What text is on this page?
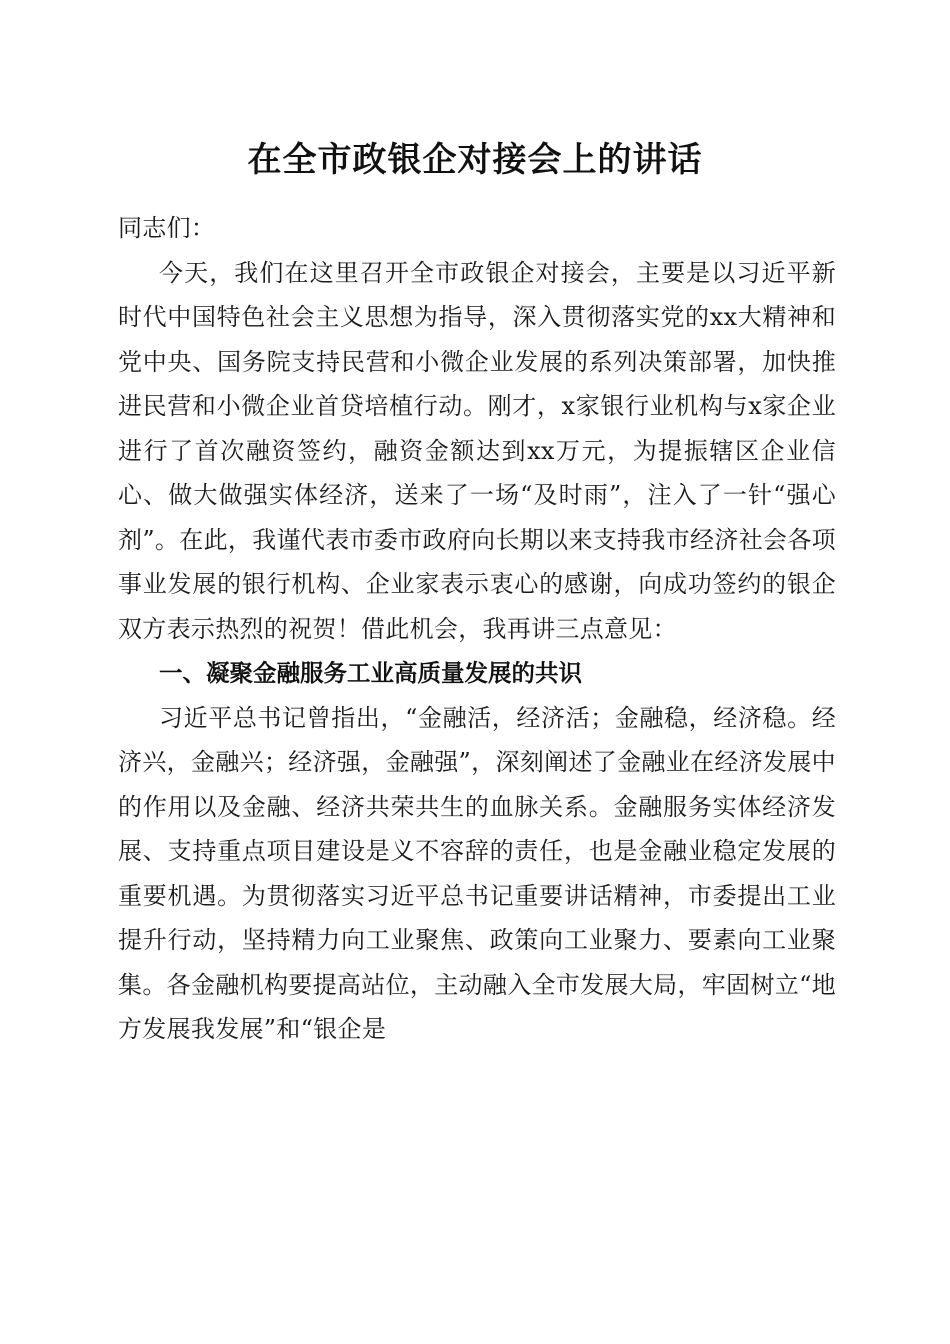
在全市政银企对接会上的讲话

同志们：

今天，我们在这里召开全市政银企对接会，主要是以习近平新时代中国特色社会主义思想为指导，深入贯彻落实党的xx大精神和党中央、国务院支持民营和小微企业发展的系列决策部署，加快推进民营和小微企业首贷培植行动。刚才，x家银行业机构与x家企业进行了首次融资签约，融资金额达到xx万元，为提振辖区企业信心、做大做强实体经济，送来了一场“及时雨”，注入了一针“强心剂”。在此，我谨代表市委市政府向长期以来支持我市经济社会各项事业发展的银行机构、企业家表示衷心的感谢，向成功签约的银企双方表示热烈的祝贺！借此机会，我再讲三点意见：

一、凝聚金融服务工业高质量发展的共识

习近平总书记曾指出，“金融活，经济活；金融稳，经济稳。经济兴，金融兴；经济强，金融强”，深刻阐述了金融业在经济发展中的作用以及金融、经济共荣共生的血脉关系。金融服务实体经济发展、支持重点项目建设是义不容辞的责任，也是金融业稳定发展的重要机遇。为贯彻落实习近平总书记重要讲话精神，市委提出工业提升行动，坚持精力向工业聚焦、政策向工业聚力、要素向工业聚集。各金融机构要提高站位，主动融入全市发展大局，牢固树立“地方发展我发展”和“银企是
